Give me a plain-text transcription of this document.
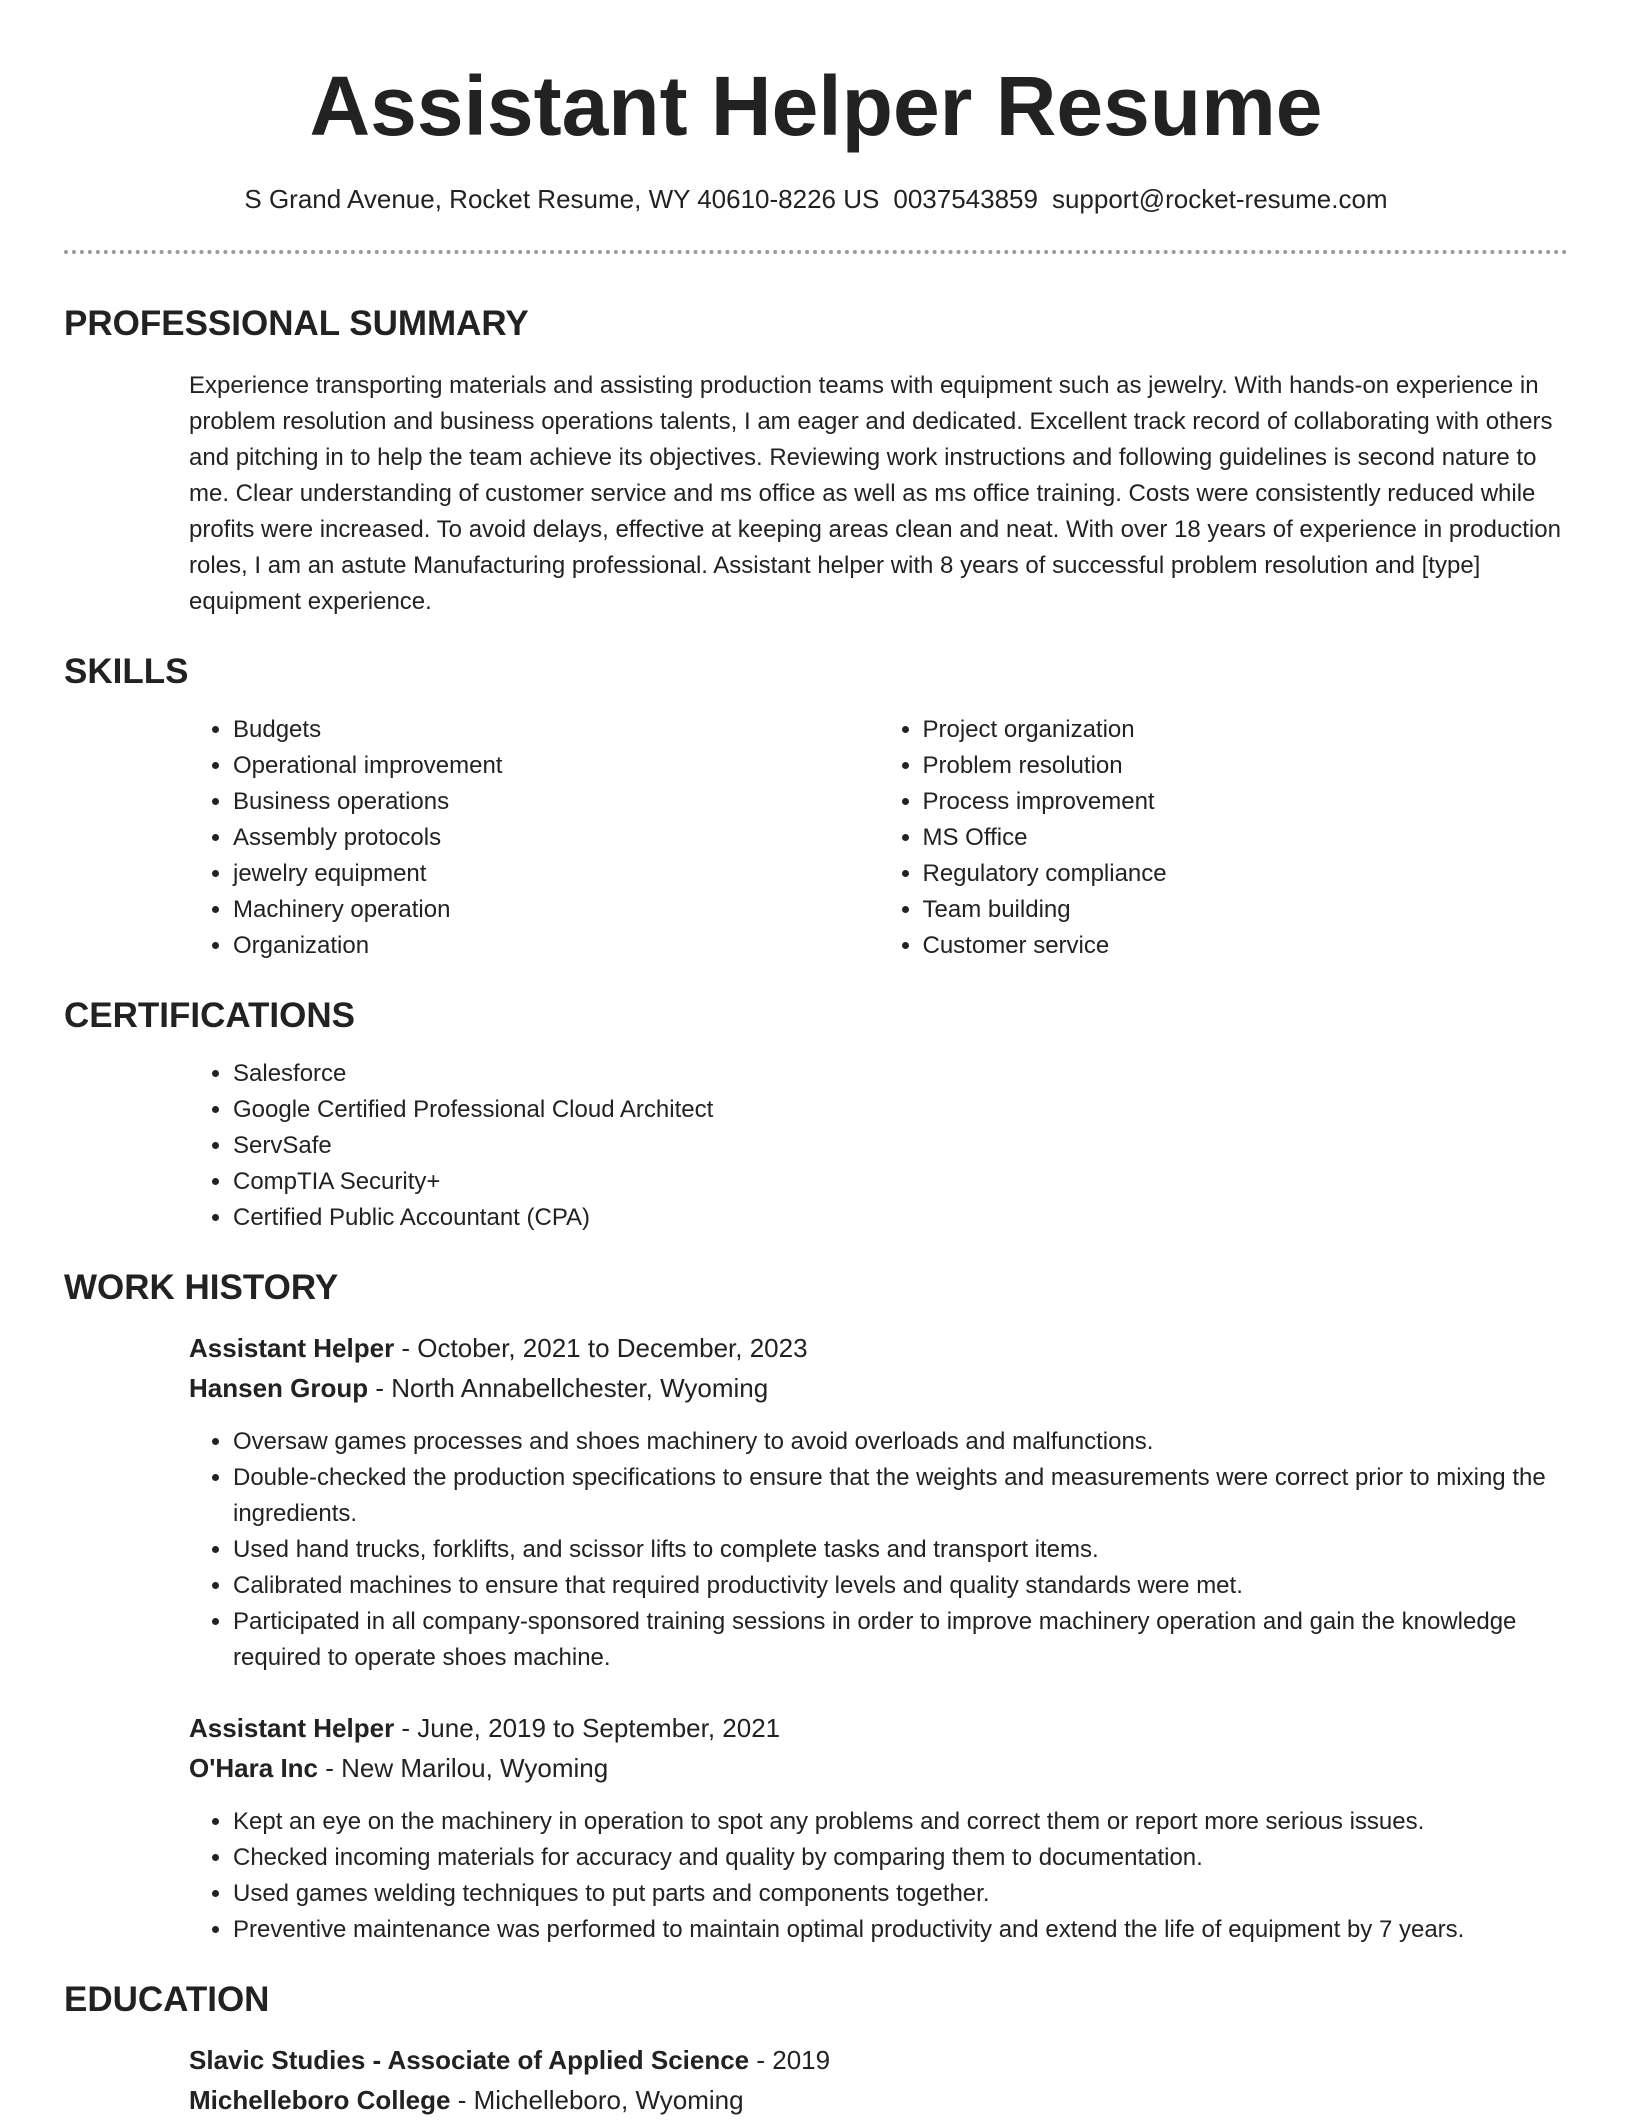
Assistant Helper Resume
S Grand Avenue, Rocket Resume, WY 40610-8226 US 0037543859 support@rocket-resume.com
PROFESSIONAL SUMMARY
Experience transporting materials and assisting production teams with equipment such as jewelry. With hands-on experience in problem resolution and business operations talents, I am eager and dedicated. Excellent track record of collaborating with others and pitching in to help the team achieve its objectives. Reviewing work instructions and following guidelines is second nature to me. Clear understanding of customer service and ms office as well as ms office training. Costs were consistently reduced while profits were increased. To avoid delays, effective at keeping areas clean and neat. With over 18 years of experience in production roles, I am an astute Manufacturing professional. Assistant helper with 8 years of successful problem resolution and [type] equipment experience.
SKILLS
• Budgets
• Operational improvement
• Business operations
• Assembly protocols
• jewelry equipment
• Machinery operation
• Organization
• Project organization
• Problem resolution
• Process improvement
• MS Office
• Regulatory compliance
• Team building
• Customer service
CERTIFICATIONS
• Salesforce
• Google Certified Professional Cloud Architect
• ServSafe
• CompTIA Security+
• Certified Public Accountant (CPA)
WORK HISTORY
Assistant Helper - October, 2021 to December, 2023
Hansen Group - North Annabellchester, Wyoming
• Oversaw games processes and shoes machinery to avoid overloads and malfunctions.
• Double-checked the production specifications to ensure that the weights and measurements were correct prior to mixing the ingredients.
• Used hand trucks, forklifts, and scissor lifts to complete tasks and transport items.
• Calibrated machines to ensure that required productivity levels and quality standards were met.
• Participated in all company-sponsored training sessions in order to improve machinery operation and gain the knowledge required to operate shoes machine.
Assistant Helper - June, 2019 to September, 2021
O'Hara Inc - New Marilou, Wyoming
• Kept an eye on the machinery in operation to spot any problems and correct them or report more serious issues.
• Checked incoming materials for accuracy and quality by comparing them to documentation.
• Used games welding techniques to put parts and components together.
• Preventive maintenance was performed to maintain optimal productivity and extend the life of equipment by 7 years.
EDUCATION
Slavic Studies - Associate of Applied Science - 2019
Michelleboro College - Michelleboro, Wyoming
